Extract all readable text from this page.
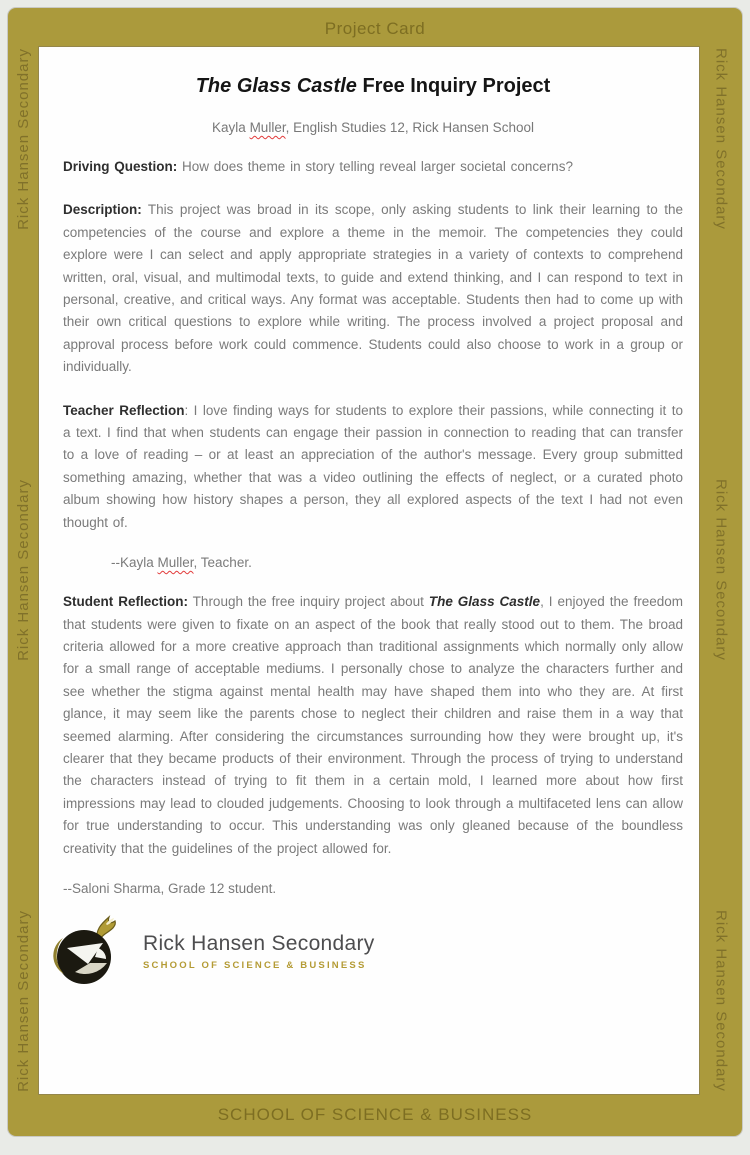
Project Card
Rick Hansen Secondary
Rick Hansen Secondary
Rick Hansen Secondary
Rick Hansen Secondary
Rick Hansen Secondary
Rick Hansen Secondary
The Glass Castle Free Inquiry Project
Kayla Muller, English Studies 12, Rick Hansen School

Driving Question: How does theme in story telling reveal larger societal concerns?

Description: This project was broad in its scope, only asking students to link their learning to the competencies of the course and explore a theme in the memoir. The competencies they could explore were I can select and apply appropriate strategies in a variety of contexts to comprehend written, oral, visual, and multimodal texts, to guide and extend thinking, and I can respond to text in personal, creative, and critical ways. Any format was acceptable. Students then had to come up with their own critical questions to explore while writing. The process involved a project proposal and approval process before work could commence. Students could also choose to work in a group or individually.

Teacher Reflection: I love finding ways for students to explore their passions, while connecting it to a text. I find that when students can engage their passion in connection to reading that can transfer to a love of reading – or at least an appreciation of the author's message. Every group submitted something amazing, whether that was a video outlining the effects of neglect, or a curated photo album showing how history shapes a person, they all explored aspects of the text I had not even thought of.

--Kayla Muller, Teacher.

Student Reflection: Through the free inquiry project about The Glass Castle, I enjoyed the freedom that students were given to fixate on an aspect of the book that really stood out to them. The broad criteria allowed for a more creative approach than traditional assignments which normally only allow for a small range of acceptable mediums. I personally chose to analyze the characters further and see whether the stigma against mental health may have shaped them into who they are. At first glance, it may seem like the parents chose to neglect their children and raise them in a way that seemed alarming. After considering the circumstances surrounding how they were brought up, it's clearer that they became products of their environment. Through the process of trying to understand the characters instead of trying to fit them in a certain mold, I learned more about how first impressions may lead to clouded judgements. Choosing to look through a multifaceted lens can allow for true understanding to occur. This understanding was only gleaned because of the boundless creativity that the guidelines of the project allowed for.

--Saloni Sharma, Grade 12 student.
Rick Hansen Secondary
SCHOOL OF SCIENCE & BUSINESS
SCHOOL OF SCIENCE & BUSINESS
